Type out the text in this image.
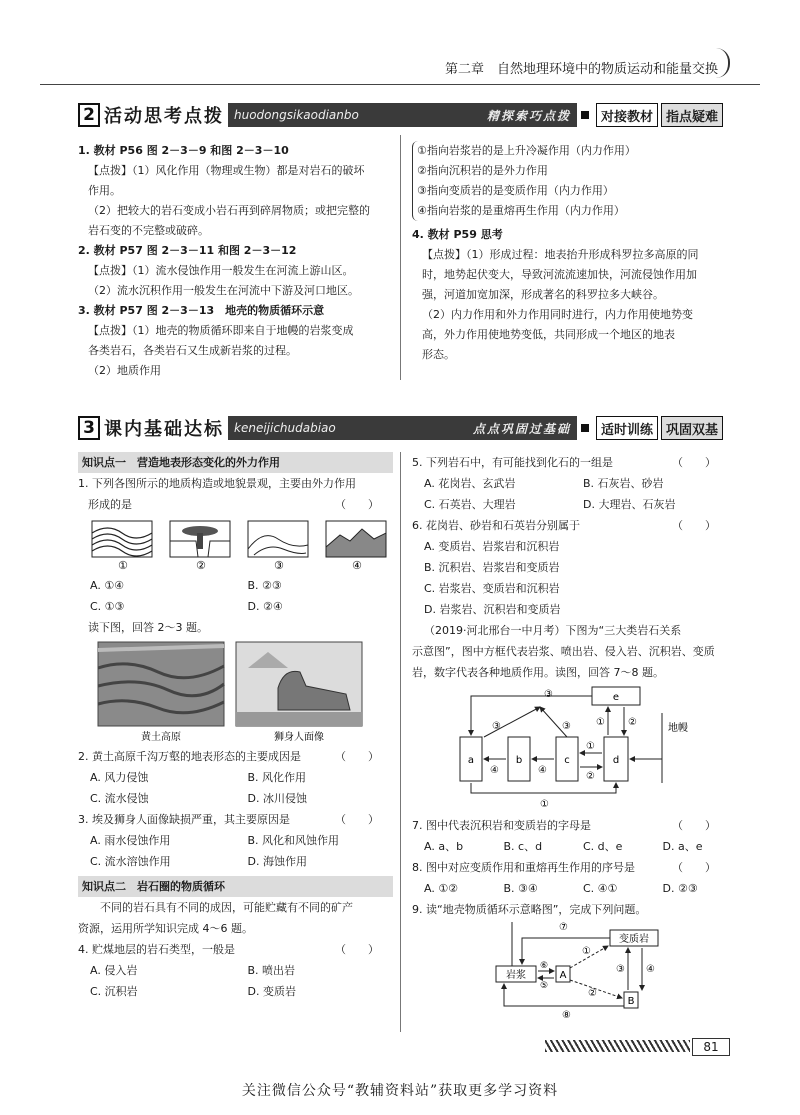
第二章　自然地理环境中的物质运动和能量交换
2 活动思考点拨 huodongsikaodianbo	精探索巧点拨	对接教材	指点疑难

1. 教材 P56 图 2－3－9 和图 2－3－10

【点拨】（1）风化作用（物理或生物）都是对岩石的破坏

作用。

（2）把较大的岩石变成小岩石再到碎屑物质；或把完整的

岩石变的不完整或破碎。

2. 教材 P57 图 2－3－11 和图 2－3－12

【点拨】（1）流水侵蚀作用一般发生在河流上游山区。

（2）流水沉积作用一般发生在河流中下游及河口地区。

3. 教材 P57 图 2－3－13　地壳的物质循环示意

【点拨】（1）地壳的物质循环即来自于地幔的岩浆变成

各类岩石，各类岩石又生成新岩浆的过程。

（2）地质作用

①指向岩浆岩的是上升冷凝作用（内力作用）

②指向沉积岩的是外力作用

③指向变质岩的是变质作用（内力作用）

④指向岩浆的是重熔再生作用（内力作用）

4. 教材 P59 思考

【点拨】（1）形成过程：地表抬升形成科罗拉多高原的同

时，地势起伏变大，导致河流流速加快，河流侵蚀作用加

强，河道加宽加深，形成著名的科罗拉多大峡谷。

（2）内力作用和外力作用同时进行，内力作用使地势变

高，外力作用使地势变低，共同形成一个地区的地表

形态。

3 课内基础达标 keneijichudabiao	点点巩固过基础	适时训练	巩固双基

知识点一　营造地表形态变化的外力作用

1. 下列各图所示的地质构造或地貌景观，主要由外力作用

形成的是	（　　）

①	②	③	④
A. ①④	B. ②③
C. ①③	D. ②④

读下图，回答 2～3 题。

黄土高原	狮身人面像

2. 黄土高原千沟万壑的地表形态的主要成因是	（　　）

A. 风力侵蚀	B. 风化作用
C. 流水侵蚀	D. 冰川侵蚀

3. 埃及狮身人面像缺损严重，其主要原因是	（　　）

A. 雨水侵蚀作用	B. 风化和风蚀作用
C. 流水溶蚀作用	D. 海蚀作用

知识点二　岩石圈的物质循环

不同的岩石具有不同的成因，可能贮藏有不同的矿产

资源，运用所学知识完成 4～6 题。

4. 贮煤地层的岩石类型，一般是	（　　）

A. 侵入岩	B. 喷出岩
C. 沉积岩	D. 变质岩

5. 下列岩石中，有可能找到化石的一组是	（　　）

A. 花岗岩、玄武岩	B. 石灰岩、砂岩
C. 石英岩、大理岩	D. 大理岩、石灰岩

6. 花岗岩、砂岩和石英岩分别属于	（　　）

A. 变质岩、岩浆岩和沉积岩

B. 沉积岩、岩浆岩和变质岩

C. 岩浆岩、变质岩和沉积岩

D. 岩浆岩、沉积岩和变质岩

（2019·河北邢台一中月考）下图为“三大类岩石关系

示意图”，图中方框代表岩浆、喷出岩、侵入岩、沉积岩、变质

岩，数字代表各种地质作用。读图，回答 7～8 题。

e
a	b	c	d
③
③	③	① ②
④	④
①
②
①
地幔

7. 图中代表沉积岩和变质岩的字母是	（　　）

A. a、b	B. c、d	C. d、e	D. a、e

8. 图中对应变质作用和重熔再生作用的序号是	（　　）

A. ①②	B. ③④	C. ④①	D. ②③

9. 读“地壳物质循环示意略图”，完成下列问题。

岩浆
变质岩
A
B
⑦
⑥
⑤
①
③ ④
②
⑧
81
关注微信公众号“教辅资料站”获取更多学习资料
